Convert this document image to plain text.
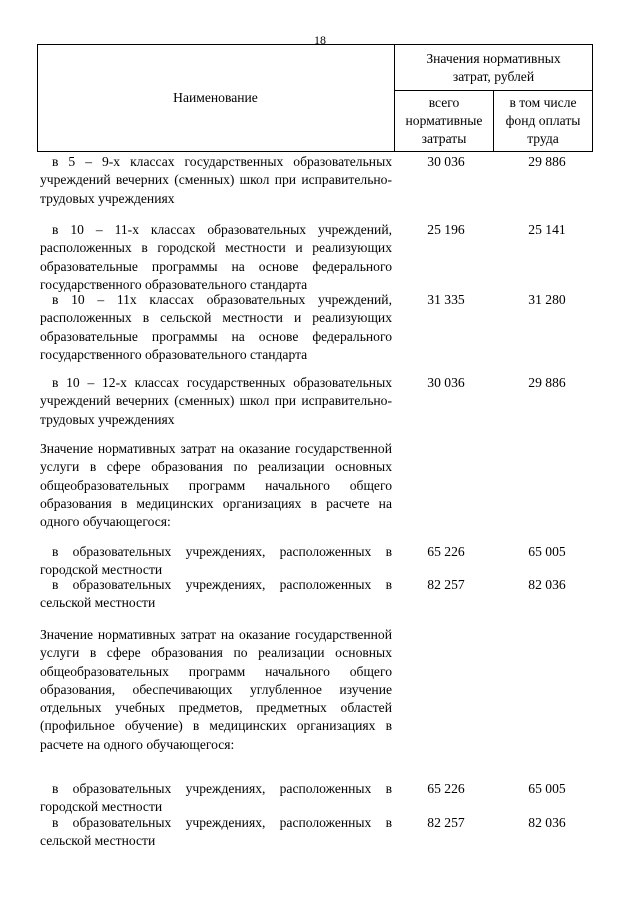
18
Наименование
Значения нормативных
затрат, рублей
всего
нормативные
затраты
в том числе
фонд оплаты
труда
в 5 – 9-х классах государственных образовательных учреждений вечерних (сменных) школ при исправительно-трудовых учреждениях
30 036	29 886
в 10 – 11-х классах образовательных учреждений, расположенных в городской местности и реализующих образовательные программы на основе федерального государственного образовательного стандарта
25 196	25 141
в 10 – 11х классах образовательных учреждений, расположенных в сельской местности и реализующих образовательные программы на основе федерального государственного образовательного стандарта
31 335	31 280
в 10 – 12-х классах государственных образовательных учреждений вечерних (сменных) школ при исправительно-трудовых учреждениях
30 036	29 886
Значение нормативных затрат на оказание государственной услуги в сфере образования по реализации основных общеобразовательных программ начального общего образования в медицинских организациях в расчете на одного обучающегося:
в образовательных учреждениях, расположенных в городской местности
65 226	65 005
в образовательных учреждениях, расположенных в сельской местности
82 257	82 036
Значение нормативных затрат на оказание государственной услуги в сфере образования по реализации основных общеобразовательных программ начального общего образования, обеспечивающих углубленное изучение отдельных учебных предметов, предметных областей (профильное обучение) в медицинских организациях в расчете на одного обучающегося:
в образовательных учреждениях, расположенных в городской местности
65 226	65 005
в образовательных учреждениях, расположенных в сельской местности
82 257	82 036
